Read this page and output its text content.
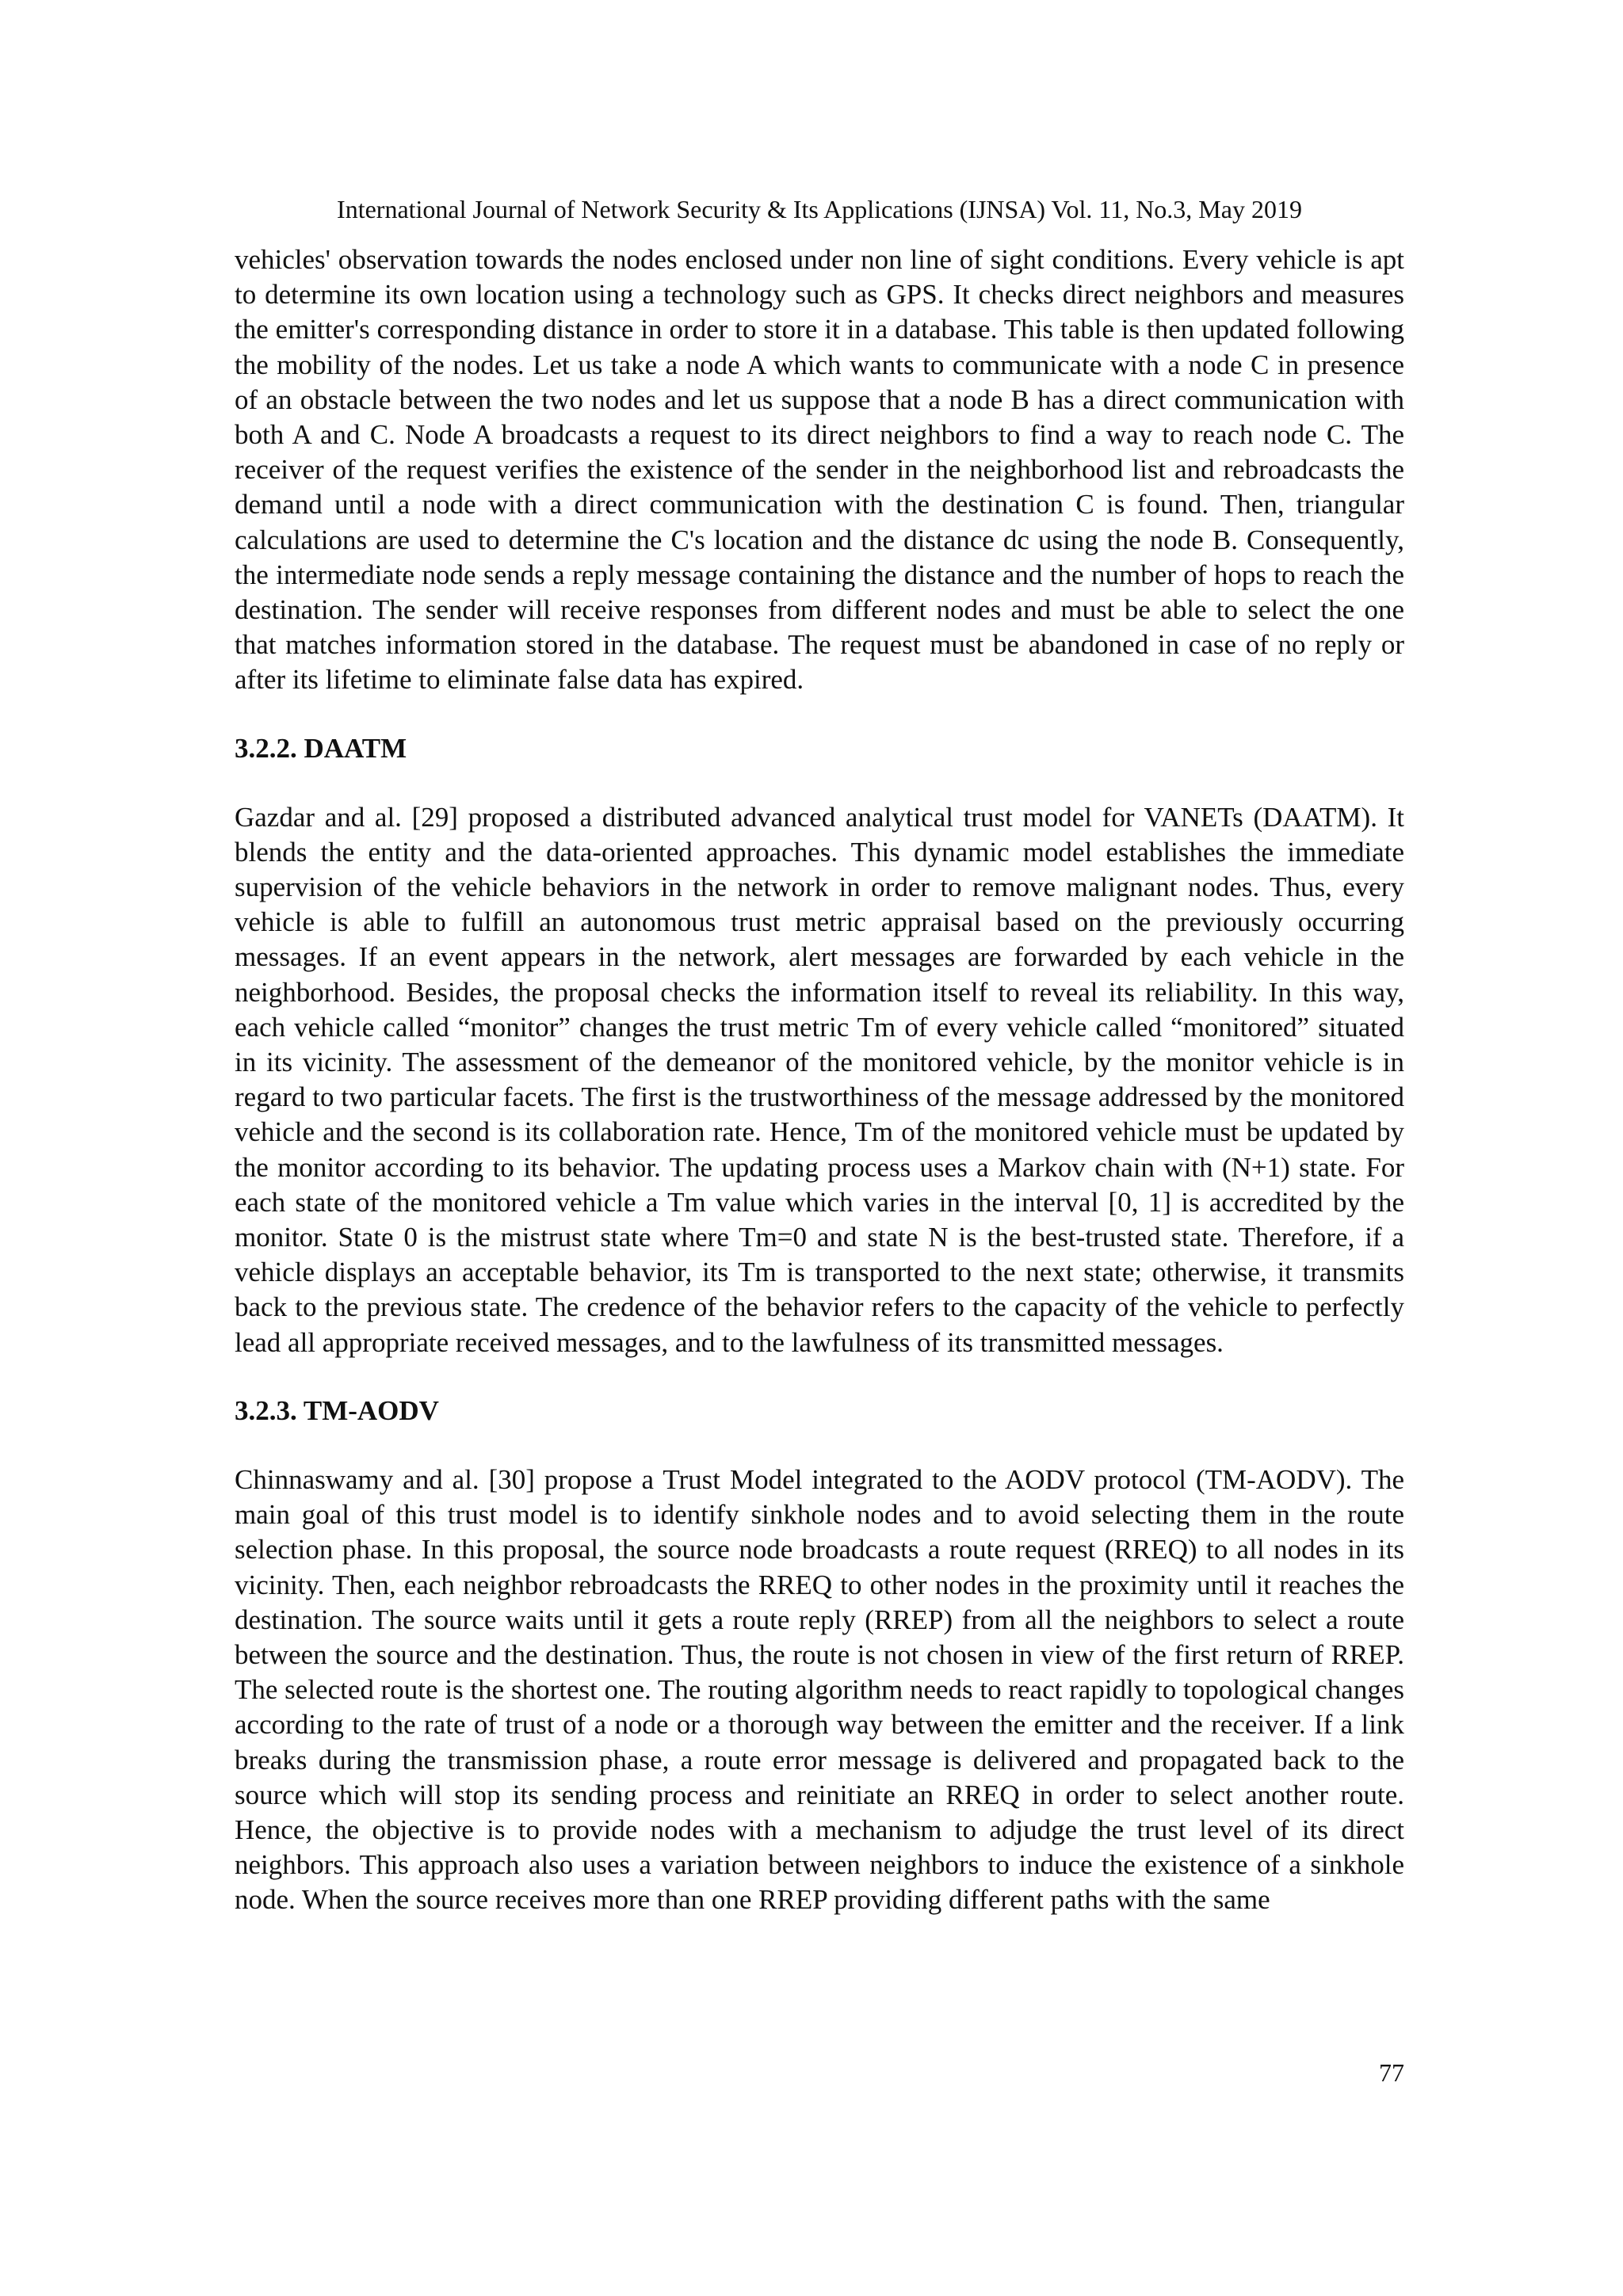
International Journal of Network Security & Its Applications (IJNSA) Vol. 11, No.3, May 2019

vehicles' observation towards the nodes enclosed under non line of sight conditions. Every vehicle is apt to determine its own location using a technology such as GPS. It checks direct neighbors and measures the emitter's corresponding distance in order to store it in a database. This table is then updated following the mobility of the nodes. Let us take a node A which wants to communicate with a node C in presence of an obstacle between the two nodes and let us suppose that a node B has a direct communication with both A and C. Node A broadcasts a request to its direct neighbors to find a way to reach node C. The receiver of the request verifies the existence of the sender in the neighborhood list and rebroadcasts the demand until a node with a direct communication with the destination C is found. Then, triangular calculations are used to determine the C's location and the distance dc using the node B. Consequently, the intermediate node sends a reply message containing the distance and the number of hops to reach the destination. The sender will receive responses from different nodes and must be able to select the one that matches information stored in the database. The request must be abandoned in case of no reply or after its lifetime to eliminate false data has expired.

3.2.2. DAATM

Gazdar and al. [29] proposed a distributed advanced analytical trust model for VANETs (DAATM). It blends the entity and the data-oriented approaches. This dynamic model establishes the immediate supervision of the vehicle behaviors in the network in order to remove malignant nodes. Thus, every vehicle is able to fulfill an autonomous trust metric appraisal based on the previously occurring messages. If an event appears in the network, alert messages are forwarded by each vehicle in the neighborhood. Besides, the proposal checks the information itself to reveal its reliability. In this way, each vehicle called “monitor” changes the trust metric Tm of every vehicle called “monitored” situated in its vicinity. The assessment of the demeanor of the monitored vehicle, by the monitor vehicle is in regard to two particular facets. The first is the trustworthiness of the message addressed by the monitored vehicle and the second is its collaboration rate. Hence, Tm of the monitored vehicle must be updated by the monitor according to its behavior. The updating process uses a Markov chain with (N+1) state. For each state of the monitored vehicle a Tm value which varies in the interval [0, 1] is accredited by the monitor. State 0 is the mistrust state where Tm=0 and state N is the best-trusted state. Therefore, if a vehicle displays an acceptable behavior, its Tm is transported to the next state; otherwise, it transmits back to the previous state. The credence of the behavior refers to the capacity of the vehicle to perfectly lead all appropriate received messages, and to the lawfulness of its transmitted messages.

3.2.3. TM-AODV

Chinnaswamy and al. [30] propose a Trust Model integrated to the AODV protocol (TM-AODV). The main goal of this trust model is to identify sinkhole nodes and to avoid selecting them in the route selection phase. In this proposal, the source node broadcasts a route request (RREQ) to all nodes in its vicinity. Then, each neighbor rebroadcasts the RREQ to other nodes in the proximity until it reaches the destination. The source waits until it gets a route reply (RREP) from all the neighbors to select a route between the source and the destination. Thus, the route is not chosen in view of the first return of RREP. The selected route is the shortest one. The routing algorithm needs to react rapidly to topological changes according to the rate of trust of a node or a thorough way between the emitter and the receiver. If a link breaks during the transmission phase, a route error message is delivered and propagated back to the source which will stop its sending process and reinitiate an RREQ in order to select another route. Hence, the objective is to provide nodes with a mechanism to adjudge the trust level of its direct neighbors. This approach also uses a variation between neighbors to induce the existence of a sinkhole node. When the source receives more than one RREP providing different paths with the same

77
